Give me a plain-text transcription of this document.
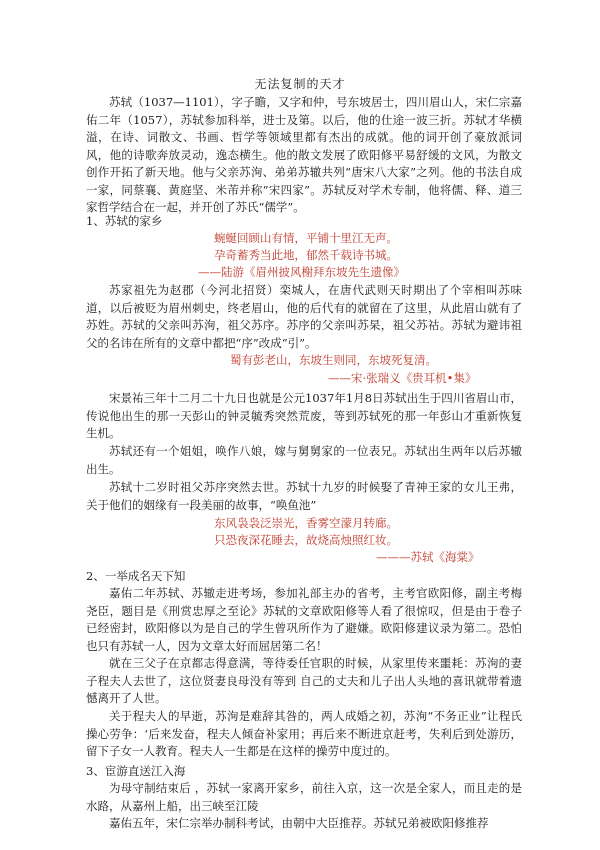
无法复制的天才

苏轼（1037—1101），字子瞻，又字和仲，号东坡居士，四川眉山人，宋仁宗嘉佑二年（1057），苏轼参加科举，进士及第。以后，他的仕途一波三折。苏轼才华横溢，在诗、词散文、书画、哲学等领域里都有杰出的成就。他的词开创了豪放派词风，他的诗歌奔放灵动，逸态横生。他的散文发展了欧阳修平易舒缓的文风，为散文创作开拓了新天地。他与父亲苏洵、弟弟苏辙共列“唐宋八大家”之列。他的书法自成一家，同蔡襄、黄庭坚、米芾并称“宋四家”。苏轼反对学术专制，他将儒、释、道三家哲学结合在一起，并开创了苏氏“儒学”。

1、苏轼的家乡

蜿蜒回顾山有情，平铺十里江无声。

孕奇蓄秀当此地，郁然千载诗书城。

——陆游《眉州披风榭拜东坡先生遗像》

苏家祖先为赵郡（今河北招贤）栾城人，在唐代武则天时期出了个宰相叫苏味道，以后被贬为眉州刺史，终老眉山，他的后代有的就留在了这里，从此眉山就有了苏姓。苏轼的父亲叫苏洵，祖父苏序。苏序的父亲叫苏杲，祖父苏祜。苏轼为避讳祖父的名讳在所有的文章中都把“序”改成“引”。

蜀有彭老山，东坡生则同，东坡死复清。

——宋·张瑞义《贵耳机•集》

宋景祐三年十二月二十九日也就是公元1037年1月8日苏轼出生于四川省眉山市，传说他出生的那一天彭山的钟灵毓秀突然荒废，等到苏轼死的那一年彭山才重新恢复生机。

苏轼还有一个姐姐，唤作八娘，嫁与舅舅家的一位表兄。苏轼出生两年以后苏辙出生。

苏轼十二岁时祖父苏序突然去世。苏轼十九岁的时候娶了青神王家的女儿王弗，关于他们的姻缘有一段美丽的故事，“唤鱼池”

东风袅袅泛崇光，香雾空濛月转廊。

只恐夜深花睡去，故烧高烛照红妆。

———苏轼《海棠》

2、一举成名天下知

嘉佑二年苏轼、苏辙走进考场，参加礼部主办的省考，主考官欧阳修，副主考梅尧臣，题目是《刑赏忠厚之至论》苏轼的文章欧阳修等人看了很惊叹，但是由于卷子已经密封，欧阳修以为是自己的学生曾巩所作为了避嫌。欧阳修建议录为第二。恐怕也只有苏轼一人，因为文章太好而屈居第二名！

就在三父子在京都志得意满，等待委任官职的时候，从家里传来噩耗：苏洵的妻子程夫人去世了，这位贤妻良母没有等到 自己的丈夫和儿子出人头地的喜讯就带着遗憾离开了人世。

关于程夫人的早逝，苏洵是难辞其咎的，两人成婚之初，苏洵“不务正业”让程氏操心劳争：‘后来发奋，程夫人倾奋补家用；再后来不断进京赶考，失利后到处游历，留下子女一人教育。程夫人一生都是在这样的操劳中度过的。

3、宦游直送江入海

为母守制结束后 ，苏轼一家离开家乡，前往入京，这一次是全家人，而且走的是水路，从嘉州上船，出三峡至江陵

嘉佑五年，宋仁宗举办制科考试，由朝中大臣推荐。苏轼兄弟被欧阳修推荐
